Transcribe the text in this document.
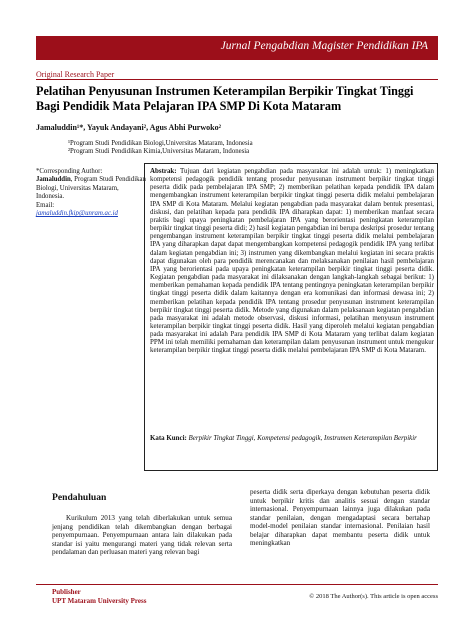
Jurnal Pengabdian Magister Pendidikan IPA
Original Research Paper
Pelatihan Penyusunan Instrumen Keterampilan Berpikir Tingkat Tinggi Bagi Pendidik Mata Pelajaran IPA SMP Di Kota Mataram
Jamaluddin¹*, Yayuk Andayani², Agus Abhi Purwoko²
¹Program Studi Pendidikan Biologi,Universitas Mataram, Indonesia
²Program Studi Pendidikan Kimia,Universitas Mataram, Indonesia
*Corresponding Author:
Jamaluddin, Program Studi Pendidikan Biologi, Universitas Mataram, Indonesia.
Email:
jamaluddin.fkip@unram.ac.id
Abstrak: Tujuan dari kegiatan pengabdian pada masyarakat ini adalah untuk: 1) meningkatkan kompetensi pedagogik pendidik tentang prosedur penyusunan instrument berpikir tingkat tinggi peserta didik pada pembelajaran IPA SMP; 2) memberikan pelatihan kepada pendidik IPA dalam mengembangkan instrument keterampilan berpikir tingkat tinggi peserta didik melalui pembelajaran IPA SMP di Kota Mataram. Melalui kegiatan pengabdian pada masyarakat dalam bentuk presentasi, diskusi, dan pelatihan kepada para pendidik IPA diharapkan dapat: 1) memberikan manfaat secara praktis bagi upaya peningkatan pembelajaran IPA yang berorientasi peningkatan keterampilan berpikir tingkat tinggi peserta didi; 2) hasil kegiatan pengabdian ini berupa deskripsi prosedur tentang pengembangan instrument keterampilan berpikir tingkat tinggi peserta didik melalui pembelajaran IPA yang diharapkan dapat dapat mengembangkan kompetensi pedagogik pendidik IPA yang terlibat dalam kegiatan pengabdian ini; 3) instrumen yang dikembangkan melalui kegiatan ini secara praktis dapat digunakan oleh para pendidik merencanakan dan melaksanakan penilaian hasil pembelajaran IPA yang berorientasi pada upaya peningkatan keterampilan berpikir tingkat tinggi peserta didik. Kegiatan pengabdian pada masyarakat ini dilaksanakan dengan langkah-langkah sebagai berikut: 1) memberikan pemahaman kepada pendidik IPA tentang pentingnya peningkatan keterampilan berpikir tingkat tinggi peserta didik dalam kaitannya dengan era komunikasi dan informasi dewasa ini; 2) memberikan pelatihan kepada pendidik IPA tentang prosedur penyusunan instrument keterampilan berpikir tingkat tinggi peserta didik. Metode yang digunakan dalam pelaksanaan kegiatan pengabdian pada masyarakat ini adalah metode observasi, diskusi informasi, pelatihan menyusun instrument keterampilan berpikir tingkat tinggi peserta didik. Hasil yang diperoleh melalui kegiatan pengabdian pada masyarakat ini adalah Para pendidik IPA SMP di Kota Mataram yang terlibat dalam kegiatan PPM ini telah memiliki pemahaman dan keterampilan dalam penyusunan instrument untuk mengukur keterampilan berpikir tingkat tinggi peserta didik melalui pembelajaran IPA SMP di Kota Mataram.
Kata Kunci: Berpikir Tingkat Tinggi, Kompetensi pedagogik, Instrumen Keterampilan Berpikir
Pendahuluan
Kurikulum 2013 yang telah diberlakukan untuk semua jenjang pendidikan telah dikembangkan dengan berbagai penyempurnaan. Penyempurnaan antara lain dilakukan pada standar isi yaitu mengurangi materi yang tidak relevan serta pendalaman dan perluasan materi yang relevan bagi
peserta didik serta diperkaya dengan kebutuhan peserta didik untuk berpikir kritis dan analitis sesuai dengan standar internasional. Penyempurnaan lainnya juga dilakukan pada standar penilaian, dengan mengadaptasi secara bertahap model-model penilaian standar internasional. Penilaian hasil belajar diharapkan dapat membantu peserta didik untuk meningkatkan
Publisher
UPT Mataram University Press
© 2018 The Author(s). This article is open access
